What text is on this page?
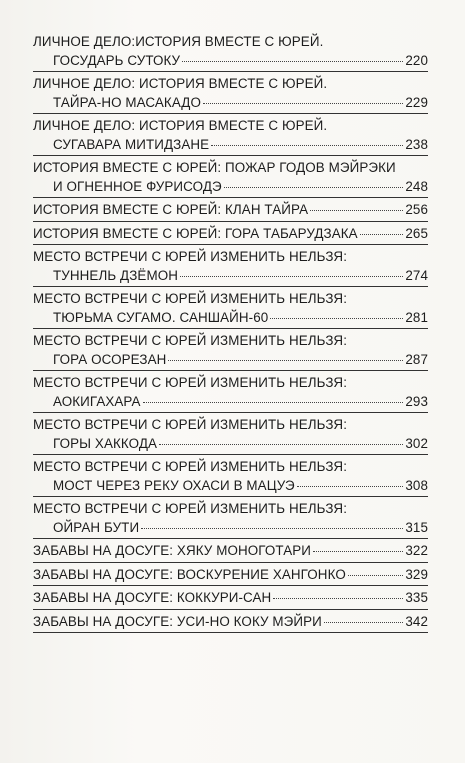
ЛИЧНОЕ ДЕЛО:ИСТОРИЯ ВМЕСТЕ С ЮРЕЙ.
ГОСУДАРЬ СУТОКУ	220
ЛИЧНОЕ ДЕЛО: ИСТОРИЯ ВМЕСТЕ С ЮРЕЙ.
ТАЙРА-НО МАСАКАДО	229
ЛИЧНОЕ ДЕЛО: ИСТОРИЯ ВМЕСТЕ С ЮРЕЙ.
СУГАВАРА МИТИДЗАНЕ	238
ИСТОРИЯ ВМЕСТЕ С ЮРЕЙ: ПОЖАР ГОДОВ МЭЙРЭКИ
И ОГНЕННОЕ ФУРИСОДЭ	248
ИСТОРИЯ ВМЕСТЕ С ЮРЕЙ: КЛАН ТАЙРА	256
ИСТОРИЯ ВМЕСТЕ С ЮРЕЙ: ГОРА ТАБАРУДЗАКА	265
МЕСТО ВСТРЕЧИ С ЮРЕЙ ИЗМЕНИТЬ НЕЛЬЗЯ:
ТУННЕЛЬ ДЗЁМОН	274
МЕСТО ВСТРЕЧИ С ЮРЕЙ ИЗМЕНИТЬ НЕЛЬЗЯ:
ТЮРЬМА СУГАМО. САНШАЙН-60	281
МЕСТО ВСТРЕЧИ С ЮРЕЙ ИЗМЕНИТЬ НЕЛЬЗЯ:
ГОРА ОСОРЕЗАН	287
МЕСТО ВСТРЕЧИ С ЮРЕЙ ИЗМЕНИТЬ НЕЛЬЗЯ:
АОКИГАХАРА	293
МЕСТО ВСТРЕЧИ С ЮРЕЙ ИЗМЕНИТЬ НЕЛЬЗЯ:
ГОРЫ ХАККОДА	302
МЕСТО ВСТРЕЧИ С ЮРЕЙ ИЗМЕНИТЬ НЕЛЬЗЯ:
МОСТ ЧЕРЕЗ РЕКУ ОХАСИ В МАЦУЭ	308
МЕСТО ВСТРЕЧИ С ЮРЕЙ ИЗМЕНИТЬ НЕЛЬЗЯ:
ОЙРАН БУТИ	315
ЗАБАВЫ НА ДОСУГЕ: ХЯКУ МОНОГОТАРИ	322
ЗАБАВЫ НА ДОСУГЕ: ВОСКУРЕНИЕ ХАНГОНКО	329
ЗАБАВЫ НА ДОСУГЕ: КОККУРИ-САН	335
ЗАБАВЫ НА ДОСУГЕ: УСИ-НО КОКУ МЭЙРИ	342
